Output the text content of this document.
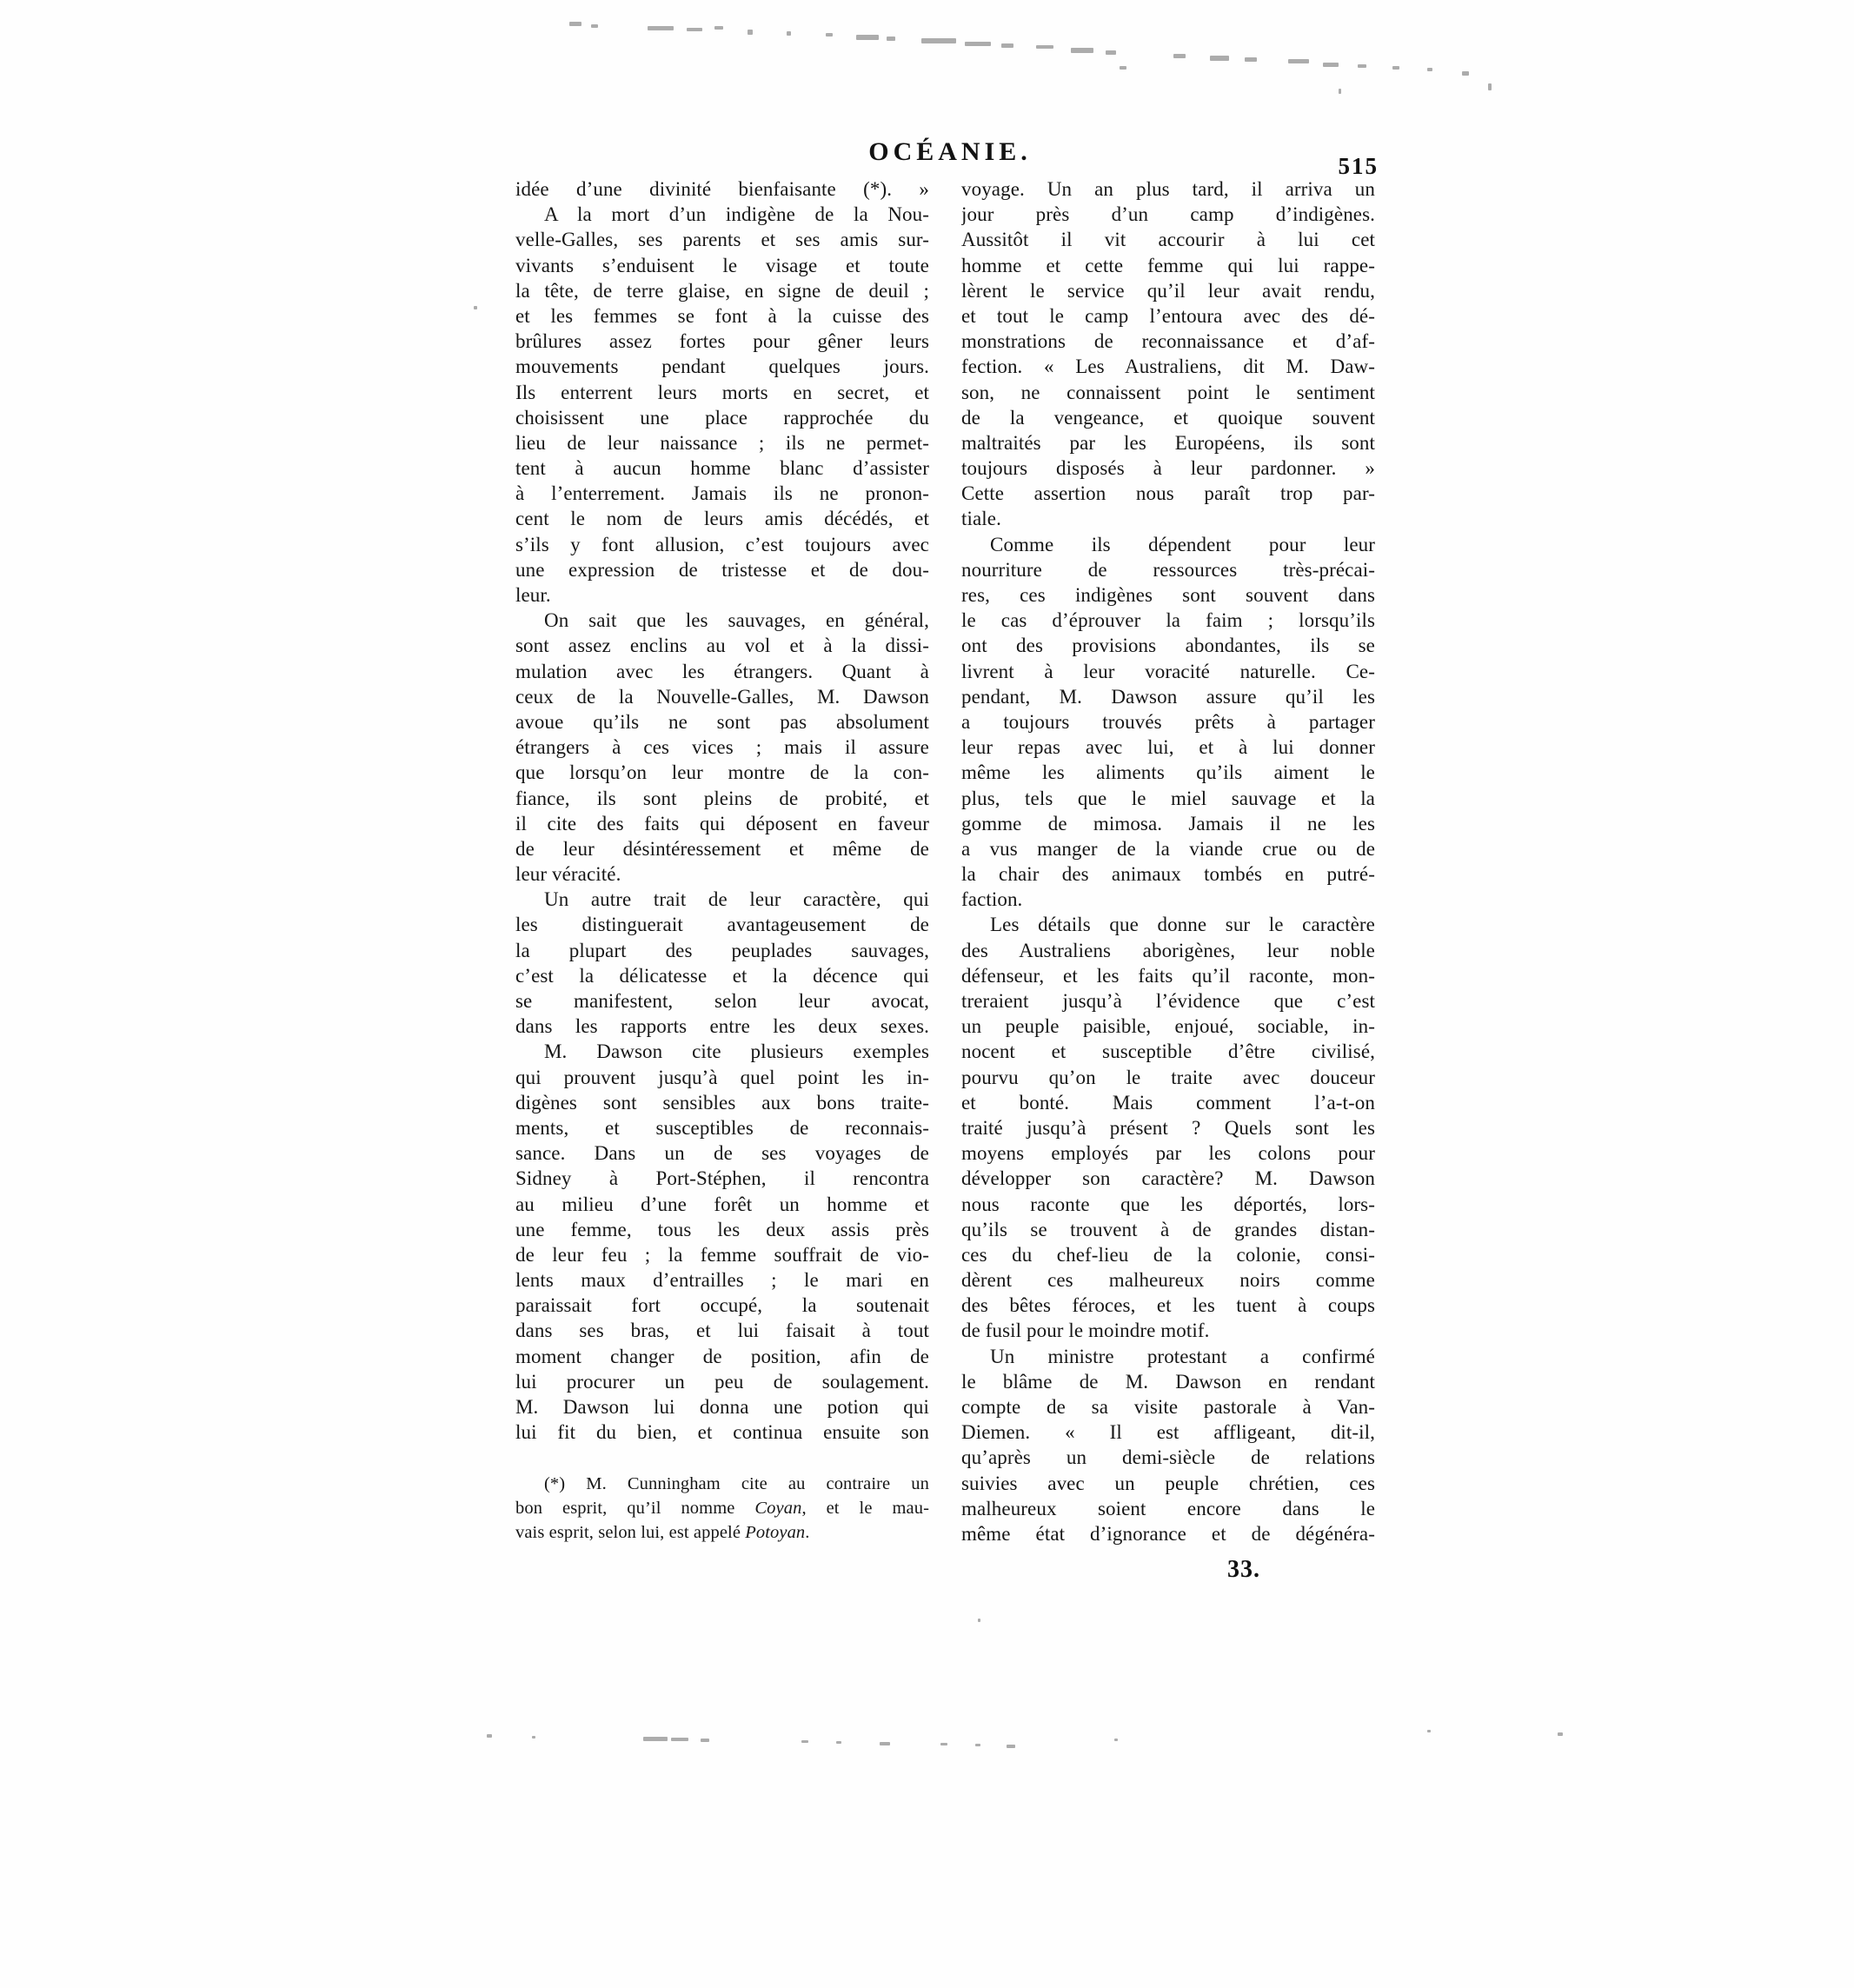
OCÉANIE.	515
idée d’une divinité bienfaisante (*). »
A la mort d’un indigène de la Nou-
velle-Galles, ses parents et ses amis sur-
vivants s’enduisent le visage et toute
la tête, de terre glaise, en signe de deuil ;
et les femmes se font à la cuisse des
brûlures assez fortes pour gêner leurs
mouvements pendant quelques jours.
Ils enterrent leurs morts en secret, et
choisissent une place rapprochée du
lieu de leur naissance ; ils ne permet-
tent à aucun homme blanc d’assister
à l’enterrement. Jamais ils ne pronon-
cent le nom de leurs amis décédés, et
s’ils y font allusion, c’est toujours avec
une expression de tristesse et de dou-
leur.
On sait que les sauvages, en général,
sont assez enclins au vol et à la dissi-
mulation avec les étrangers. Quant à
ceux de la Nouvelle-Galles, M. Dawson
avoue qu’ils ne sont pas absolument
étrangers à ces vices ; mais il assure
que lorsqu’on leur montre de la con-
fiance, ils sont pleins de probité, et
il cite des faits qui déposent en faveur
de leur désintéressement et même de
leur véracité.
Un autre trait de leur caractère, qui
les distinguerait avantageusement de
la plupart des peuplades sauvages,
c’est la délicatesse et la décence qui
se manifestent, selon leur avocat,
dans les rapports entre les deux sexes.
M. Dawson cite plusieurs exemples
qui prouvent jusqu’à quel point les in-
digènes sont sensibles aux bons traite-
ments, et susceptibles de reconnais-
sance. Dans un de ses voyages de
Sidney à Port-Stéphen, il rencontra
au milieu d’une forêt un homme et
une femme, tous les deux assis près
de leur feu ; la femme souffrait de vio-
lents maux d’entrailles ; le mari en
paraissait fort occupé, la soutenait
dans ses bras, et lui faisait à tout
moment changer de position, afin de
lui procurer un peu de soulagement.
M. Dawson lui donna une potion qui
lui fit du bien, et continua ensuite son
(*) M. Cunningham cite au contraire un
bon esprit, qu’il nomme Coyan, et le mau-
vais esprit, selon lui, est appelé Potoyan.
voyage. Un an plus tard, il arriva un
jour près d’un camp d’indigènes.
Aussitôt il vit accourir à lui cet
homme et cette femme qui lui rappe-
lèrent le service qu’il leur avait rendu,
et tout le camp l’entoura avec des dé-
monstrations de reconnaissance et d’af-
fection. « Les Australiens, dit M. Daw-
son, ne connaissent point le sentiment
de la vengeance, et quoique souvent
maltraités par les Européens, ils sont
toujours disposés à leur pardonner. »
Cette assertion nous paraît trop par-
tiale.
Comme ils dépendent pour leur
nourriture de ressources très-précai-
res, ces indigènes sont souvent dans
le cas d’éprouver la faim ; lorsqu’ils
ont des provisions abondantes, ils se
livrent à leur voracité naturelle. Ce-
pendant, M. Dawson assure qu’il les
a toujours trouvés prêts à partager
leur repas avec lui, et à lui donner
même les aliments qu’ils aiment le
plus, tels que le miel sauvage et la
gomme de mimosa. Jamais il ne les
a vus manger de la viande crue ou de
la chair des animaux tombés en putré-
faction.
Les détails que donne sur le caractère
des Australiens aborigènes, leur noble
défenseur, et les faits qu’il raconte, mon-
treraient jusqu’à l’évidence que c’est
un peuple paisible, enjoué, sociable, in-
nocent et susceptible d’être civilisé,
pourvu qu’on le traite avec douceur
et bonté. Mais comment l’a-t-on
traité jusqu’à présent ? Quels sont les
moyens employés par les colons pour
développer son caractère? M. Dawson
nous raconte que les déportés, lors-
qu’ils se trouvent à de grandes distan-
ces du chef-lieu de la colonie, consi-
dèrent ces malheureux noirs comme
des bêtes féroces, et les tuent à coups
de fusil pour le moindre motif.
Un ministre protestant a confirmé
le blâme de M. Dawson en rendant
compte de sa visite pastorale à Van-
Diemen. « Il est affligeant, dit-il,
qu’après un demi-siècle de relations
suivies avec un peuple chrétien, ces
malheureux soient encore dans le
même état d’ignorance et de dégénéra-
33.
